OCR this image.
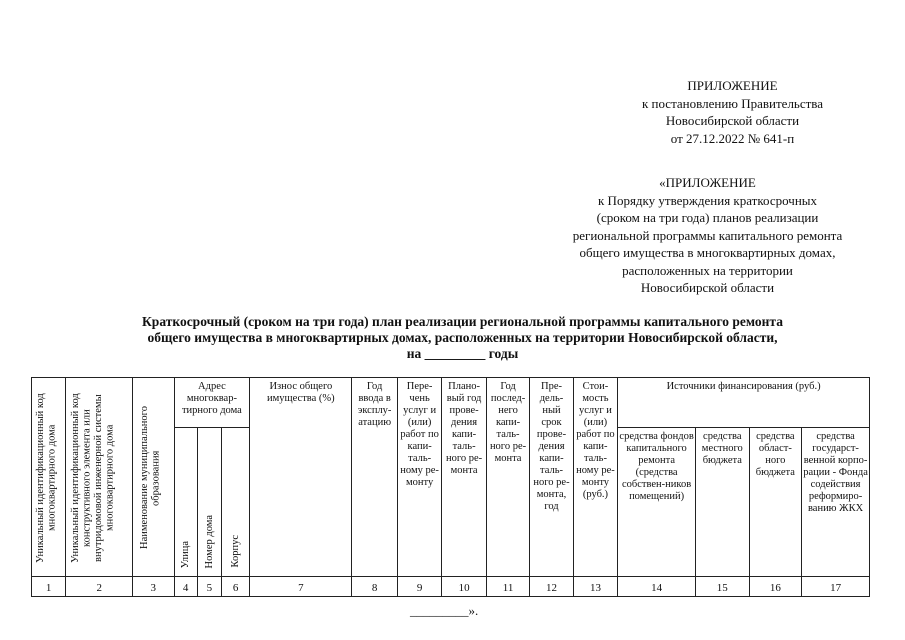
ПРИЛОЖЕНИЕ
к постановлению Правительства
Новосибирской области
от 27.12.2022 № 641-п
«ПРИЛОЖЕНИЕ
к Порядку утверждения краткосрочных
(сроком на три года) планов реализации
региональной программы капитального ремонта
общего имущества в многоквартирных домах,
расположенных на территории
Новосибирской области
Краткосрочный (сроком на три года) план реализации региональной программы капитального ремонта
общего имущества в многоквартирных домах, расположенных на территории Новосибирской области,
на _________ годы
Уникальный идентификационный код многоквартирного дома	Уникальный идентификационный код конструктивного элемента или внутридомовой инженерной системы многоквартирного дома	Наименование муниципального образования	Адрес многоквар-тирного дома			Износ общего имущества (%)	Год ввода в эксплу-атацию	Пере-чень услуг и (или) работ по капи-таль-ному ре-монту	Плано-вый год прове-дения капи-таль-ного ре-монта	Год послед-него капи-таль-ного ре-монта	Пре-дель-ный срок прове-дения капи-таль-ного ре-монта, год	Стои-мость услуг и (или) работ по капи-таль-ному ре-монту (руб.)	Источники финансирования (руб.)			
			Улица	Номер дома	Корпус								средства фондов капитального ремонта (средства собствен-ников помещений)	средства местного бюджета	средства област-ного бюджета	средства государст-венной корпо-рации - Фонда содействия реформиро-ванию ЖКХ
1	2	3	4	5	6	7	8	9	10	11	12	13	14	15	16	17
_________».
